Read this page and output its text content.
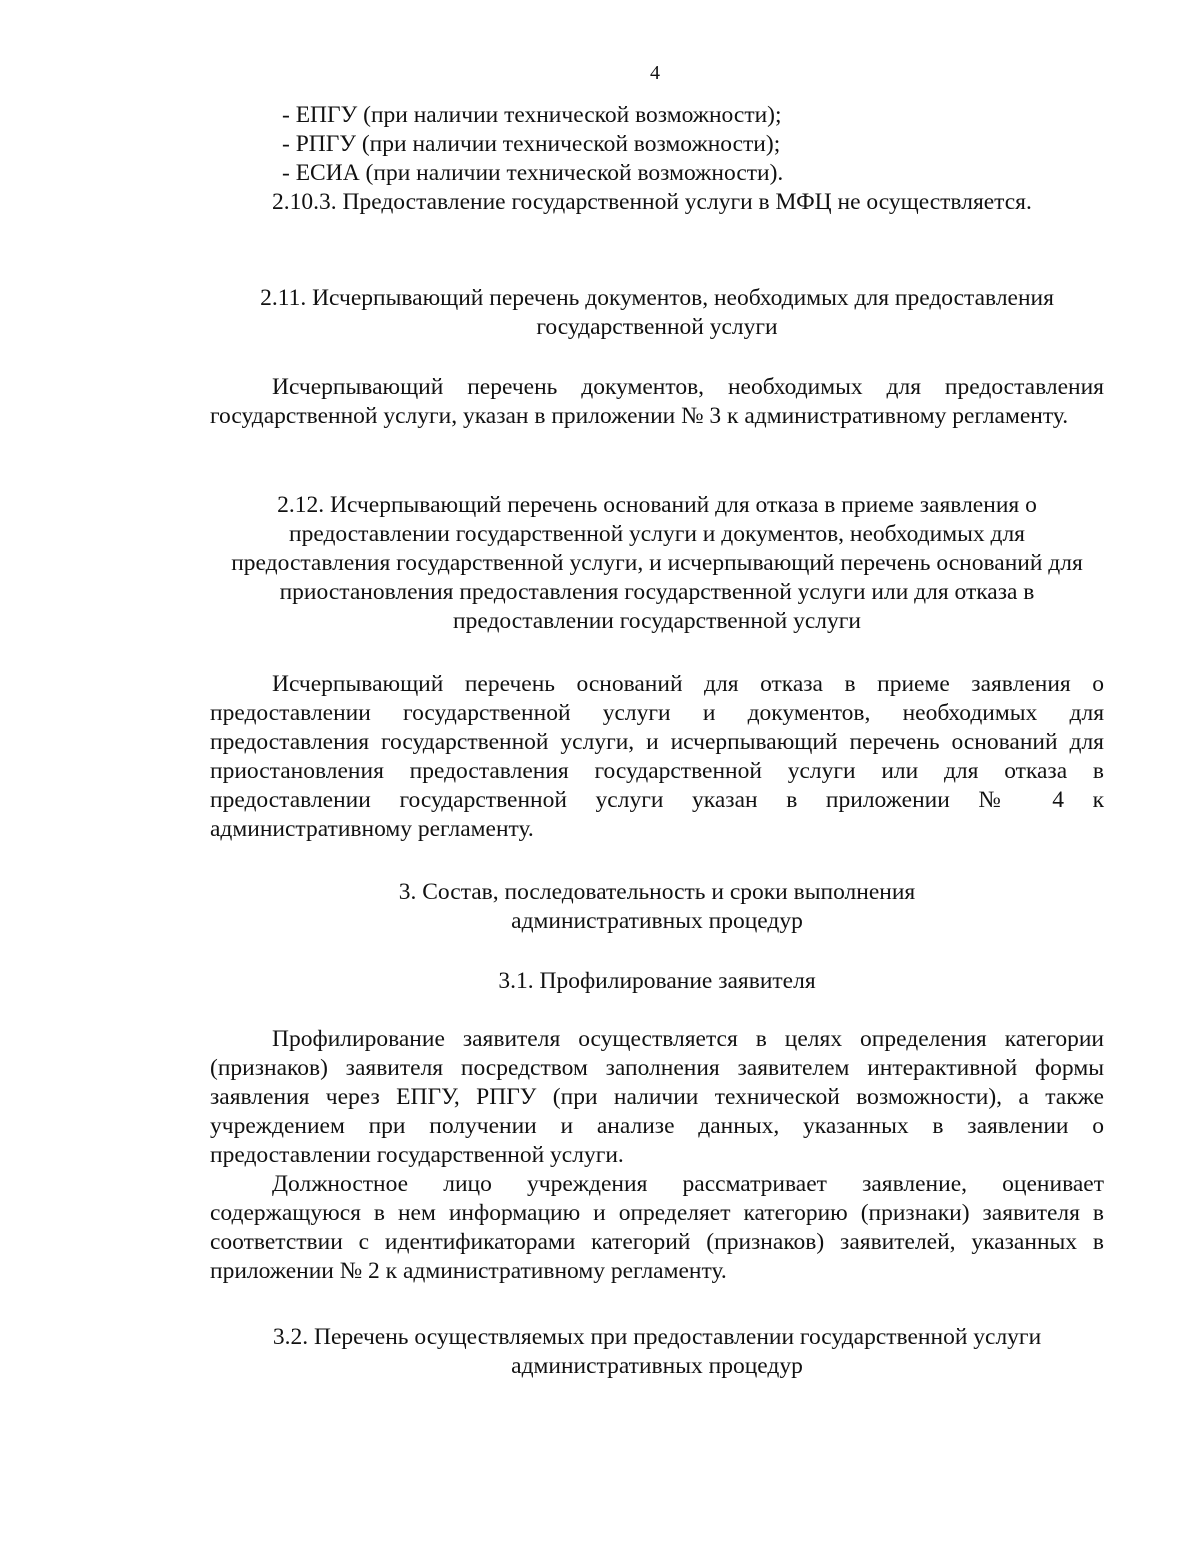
4

- ЕПГУ (при наличии технической возможности);

- РПГУ (при наличии технической возможности);

- ЕСИА (при наличии технической возможности).

2.10.3. Предоставление государственной услуги в МФЦ не осуществляется.

2.11. Исчерпывающий перечень документов, необходимых для предоставления государственной услуги

Исчерпывающий перечень документов, необходимых для предоставления государственной услуги, указан в приложении № 3 к административному регламенту.

2.12. Исчерпывающий перечень оснований для отказа в приеме заявления о предоставлении государственной услуги и документов, необходимых для предоставления государственной услуги, и исчерпывающий перечень оснований для приостановления предоставления государственной услуги или для отказа в предоставлении государственной услуги

Исчерпывающий перечень оснований для отказа в приеме заявления о предоставлении государственной услуги и документов, необходимых для предоставления государственной услуги, и исчерпывающий перечень оснований для приостановления предоставления государственной услуги или для отказа в предоставлении государственной услуги указан в приложении № 4 к административному регламенту.

3. Состав, последовательность и сроки выполнения административных процедур

3.1. Профилирование заявителя

Профилирование заявителя осуществляется в целях определения категории (признаков) заявителя посредством заполнения заявителем интерактивной формы заявления через ЕПГУ, РПГУ (при наличии технической возможности), а также учреждением при получении и анализе данных, указанных в заявлении о предоставлении государственной услуги.

Должностное лицо учреждения рассматривает заявление, оценивает содержащуюся в нем информацию и определяет категорию (признаки) заявителя в соответствии с идентификаторами категорий (признаков) заявителей, указанных в приложении № 2 к административному регламенту.

3.2. Перечень осуществляемых при предоставлении государственной услуги административных процедур
